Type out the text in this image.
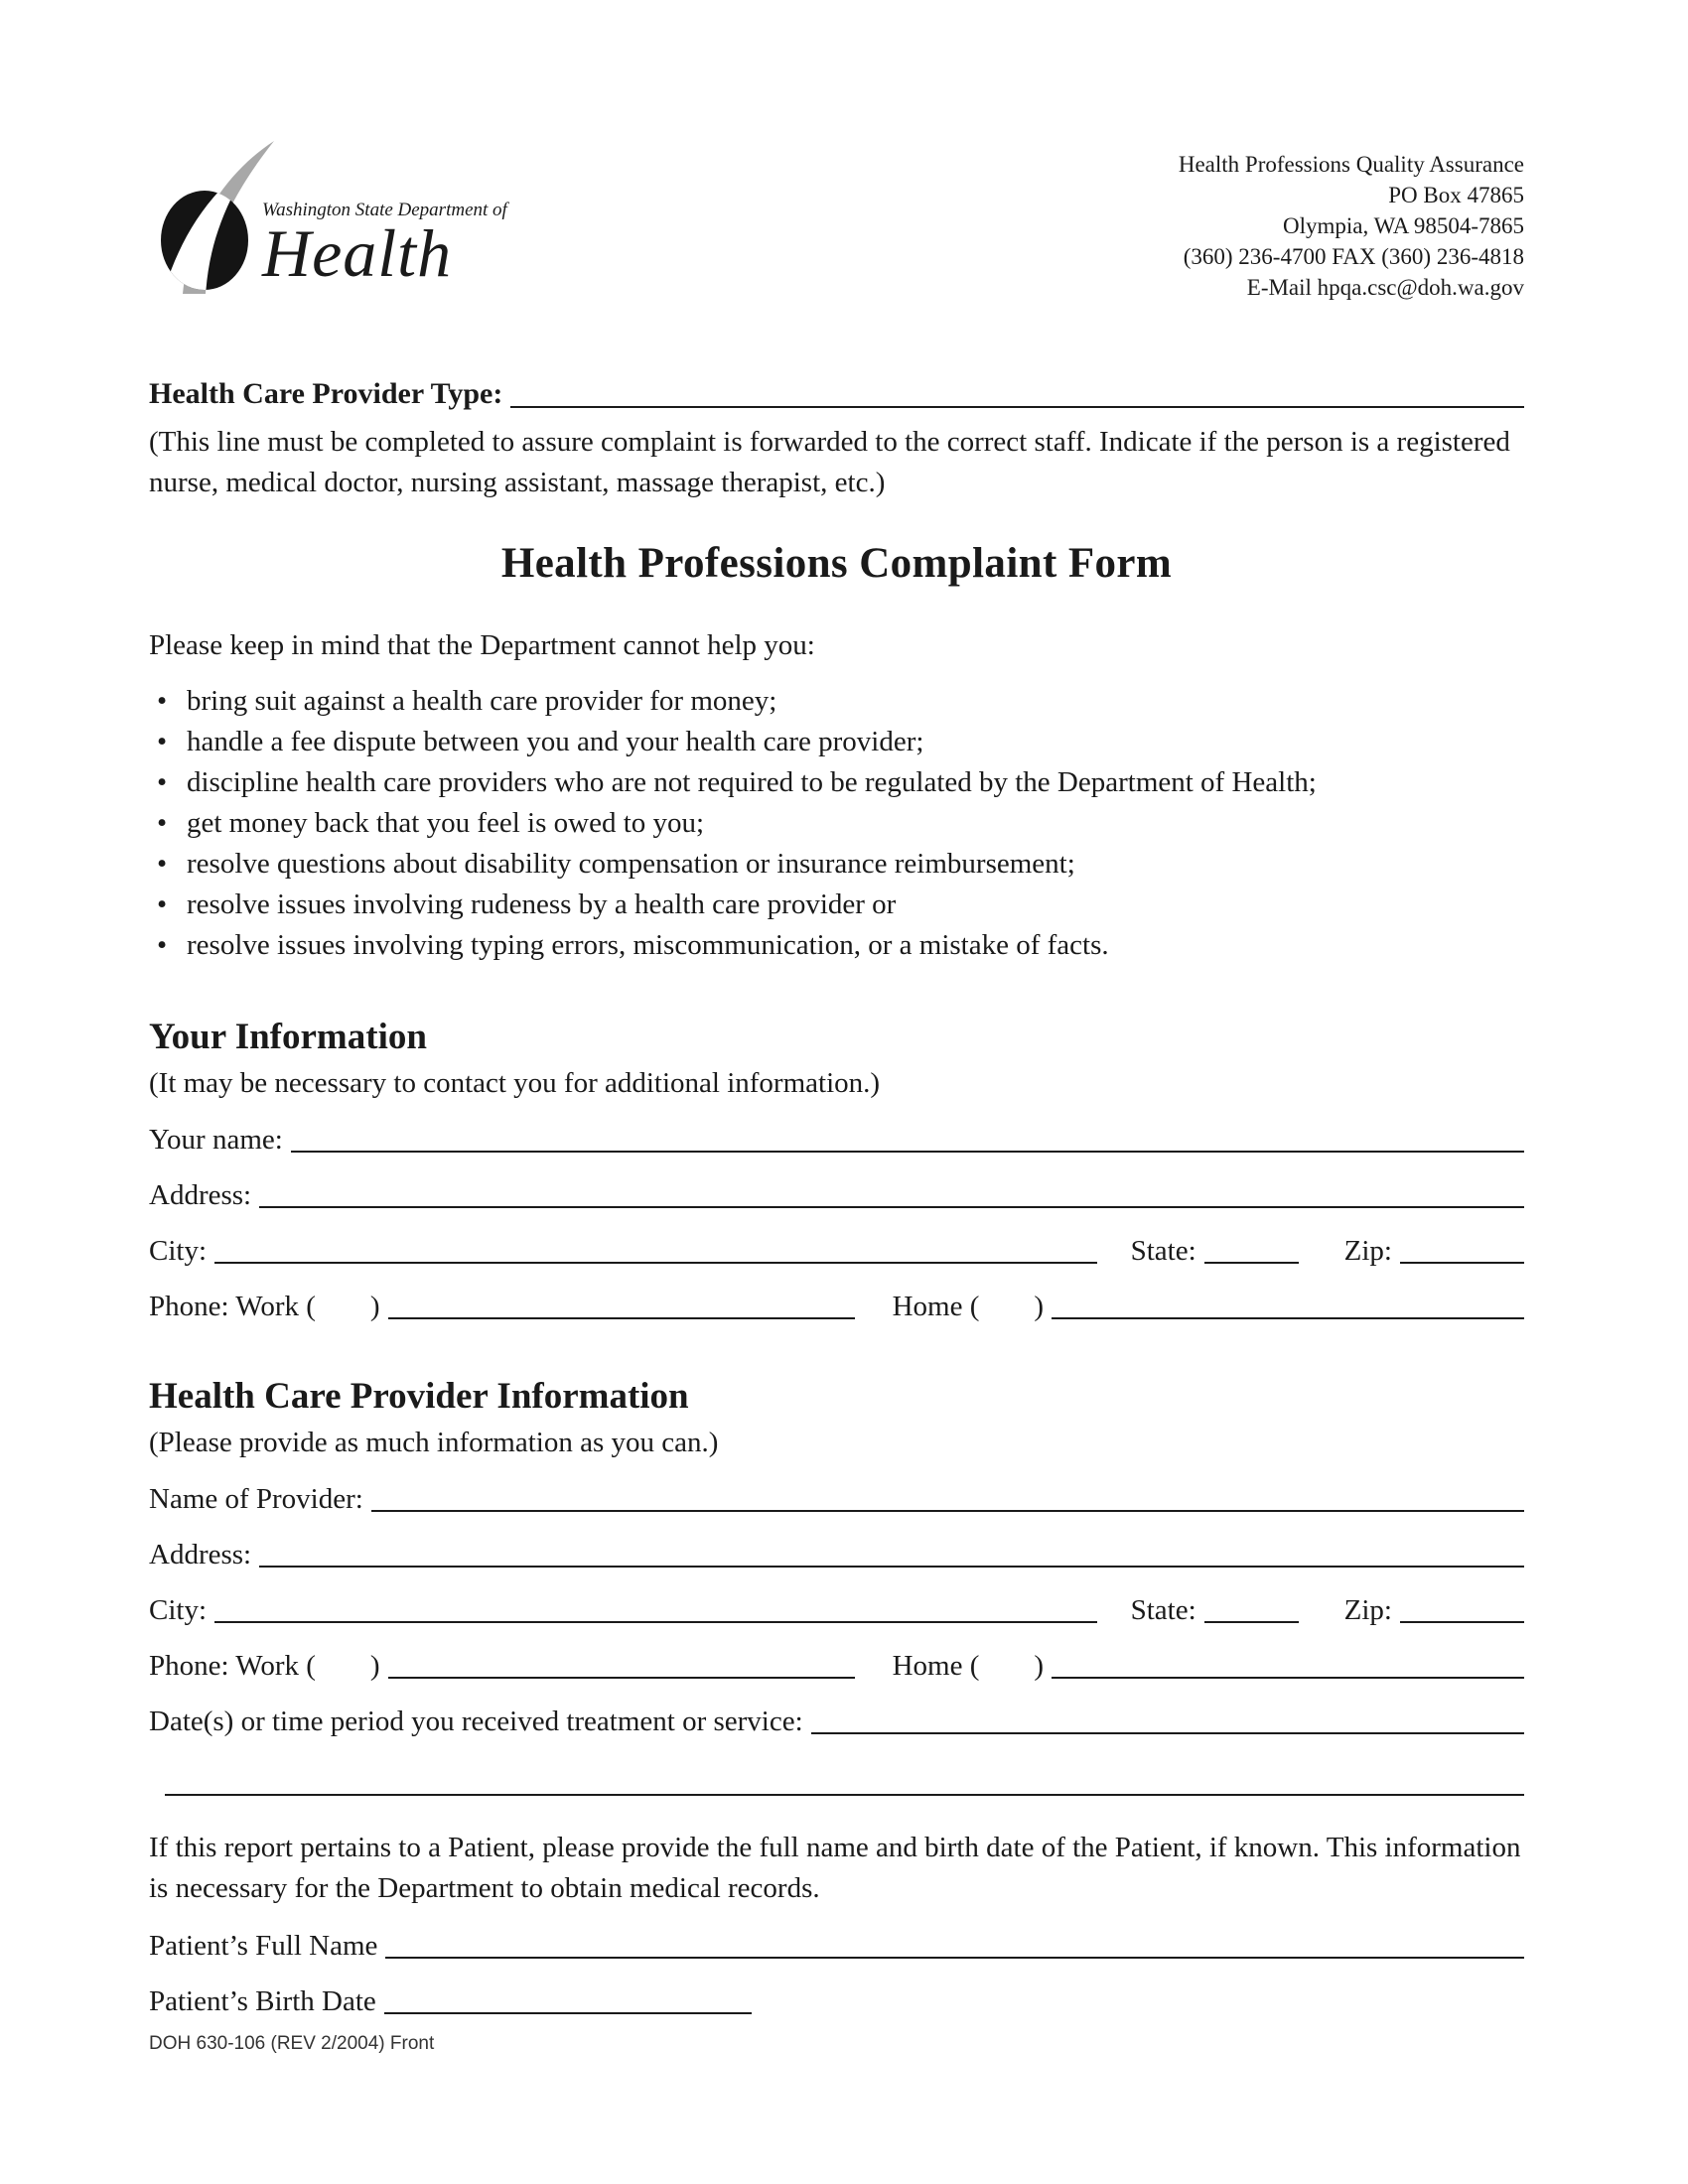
Washington State Department of
Health
Health Professions Quality Assurance
PO Box 47865
Olympia, WA 98504-7865
(360) 236-4700 FAX (360) 236-4818
E-Mail hpqa.csc@doh.wa.gov
Health Care Provider Type:

(This line must be completed to assure complaint is forwarded to the correct staff. Indicate if the person is a registered nurse, medical doctor, nursing assistant, massage therapist, etc.)

Health Professions Complaint Form

Please keep in mind that the Department cannot help you:

• bring suit against a health care provider for money;
• handle a fee dispute between you and your health care provider;
• discipline health care providers who are not required to be regulated by the Department of Health;
• get money back that you feel is owed to you;
• resolve questions about disability compensation or insurance reimbursement;
• resolve issues involving rudeness by a health care provider or
• resolve issues involving typing errors, miscommunication, or a mistake of facts.
Your Information

(It may be necessary to contact you for additional information.)

Your name:
Address:
City:	State:	Zip:
Phone: Work ( )	Home ( )
Health Care Provider Information

(Please provide as much information as you can.)

Name of Provider:
Address:
City:	State:	Zip:
Phone: Work ( )	Home ( )
Date(s) or time period you received treatment or service:

If this report pertains to a Patient, please provide the full name and birth date of the Patient, if known. This information is necessary for the Department to obtain medical records.

Patient’s Full Name
Patient’s Birth Date
DOH 630-106 (REV 2/2004) Front
